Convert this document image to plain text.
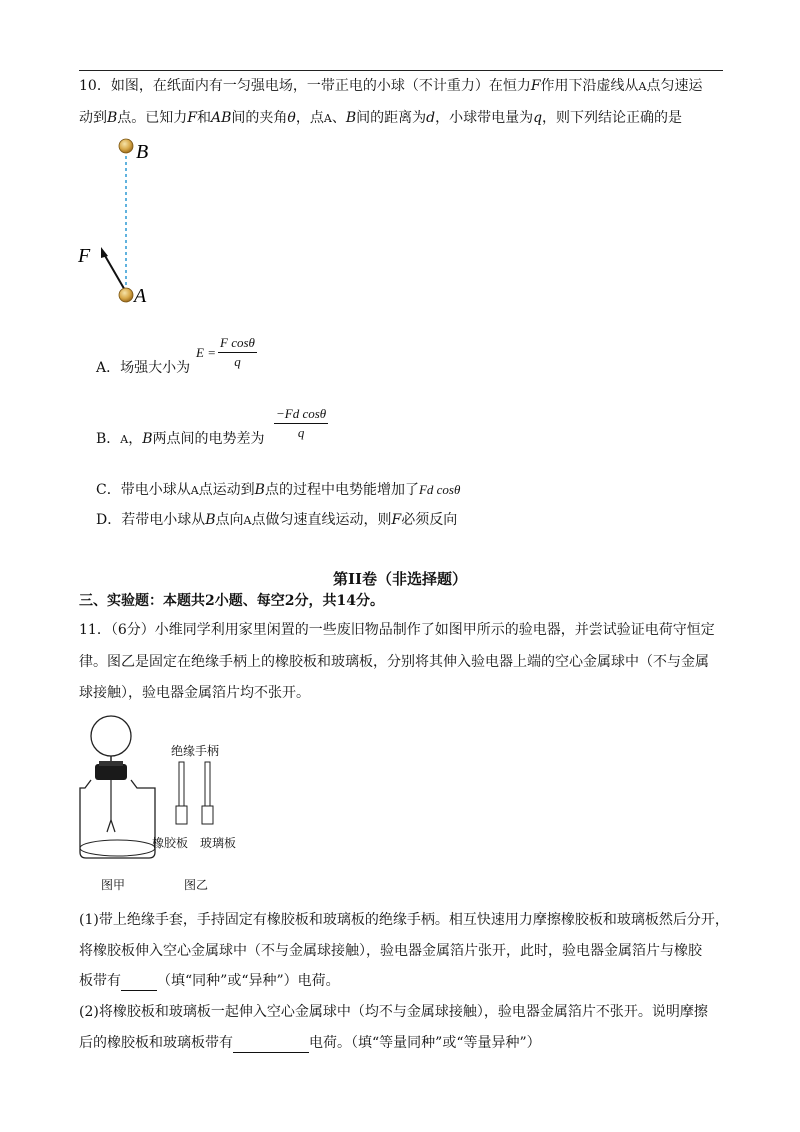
10．如图，在纸面内有一匀强电场，一带正电的小球（不计重力）在恒力F作用下沿虚线从A点匀速运
动到B点。已知力F和AB间的夹角θ，点A、B间的距离为d，小球带电量为q，则下列结论正确的是
B
A
F
A．场强大小为
E =
F cosθ
q
B．A，B两点间的电势差为
−Fd cosθ
q
C．带电小球从A点运动到B点的过程中电势能增加了Fd cosθ
D．若带电小球从B点向A点做匀速直线运动，则F必须反向
第II卷（非选择题）
三、实验题：本题共2小题、每空2分，共14分。
11．（6分）小维同学利用家里闲置的一些废旧物品制作了如图甲所示的验电器，并尝试验证电荷守恒定
律。图乙是固定在绝缘手柄上的橡胶板和玻璃板，分别将其伸入验电器上端的空心金属球中（不与金属
球接触），验电器金属箔片均不张开。
绝缘手柄
橡胶板 玻璃板
图甲	图乙
(1)带上绝缘手套，手持固定有橡胶板和玻璃板的绝缘手柄。相互快速用力摩擦橡胶板和玻璃板然后分开，
将橡胶板伸入空心金属球中（不与金属球接触），验电器金属箔片张开，此时，验电器金属箔片与橡胶
板带有	（填“同种”或“异种”）电荷。
(2)将橡胶板和玻璃板一起伸入空心金属球中（均不与金属球接触），验电器金属箔片不张开。说明摩擦
后的橡胶板和玻璃板带有	电荷。（填“等量同种”或“等量异种”）
